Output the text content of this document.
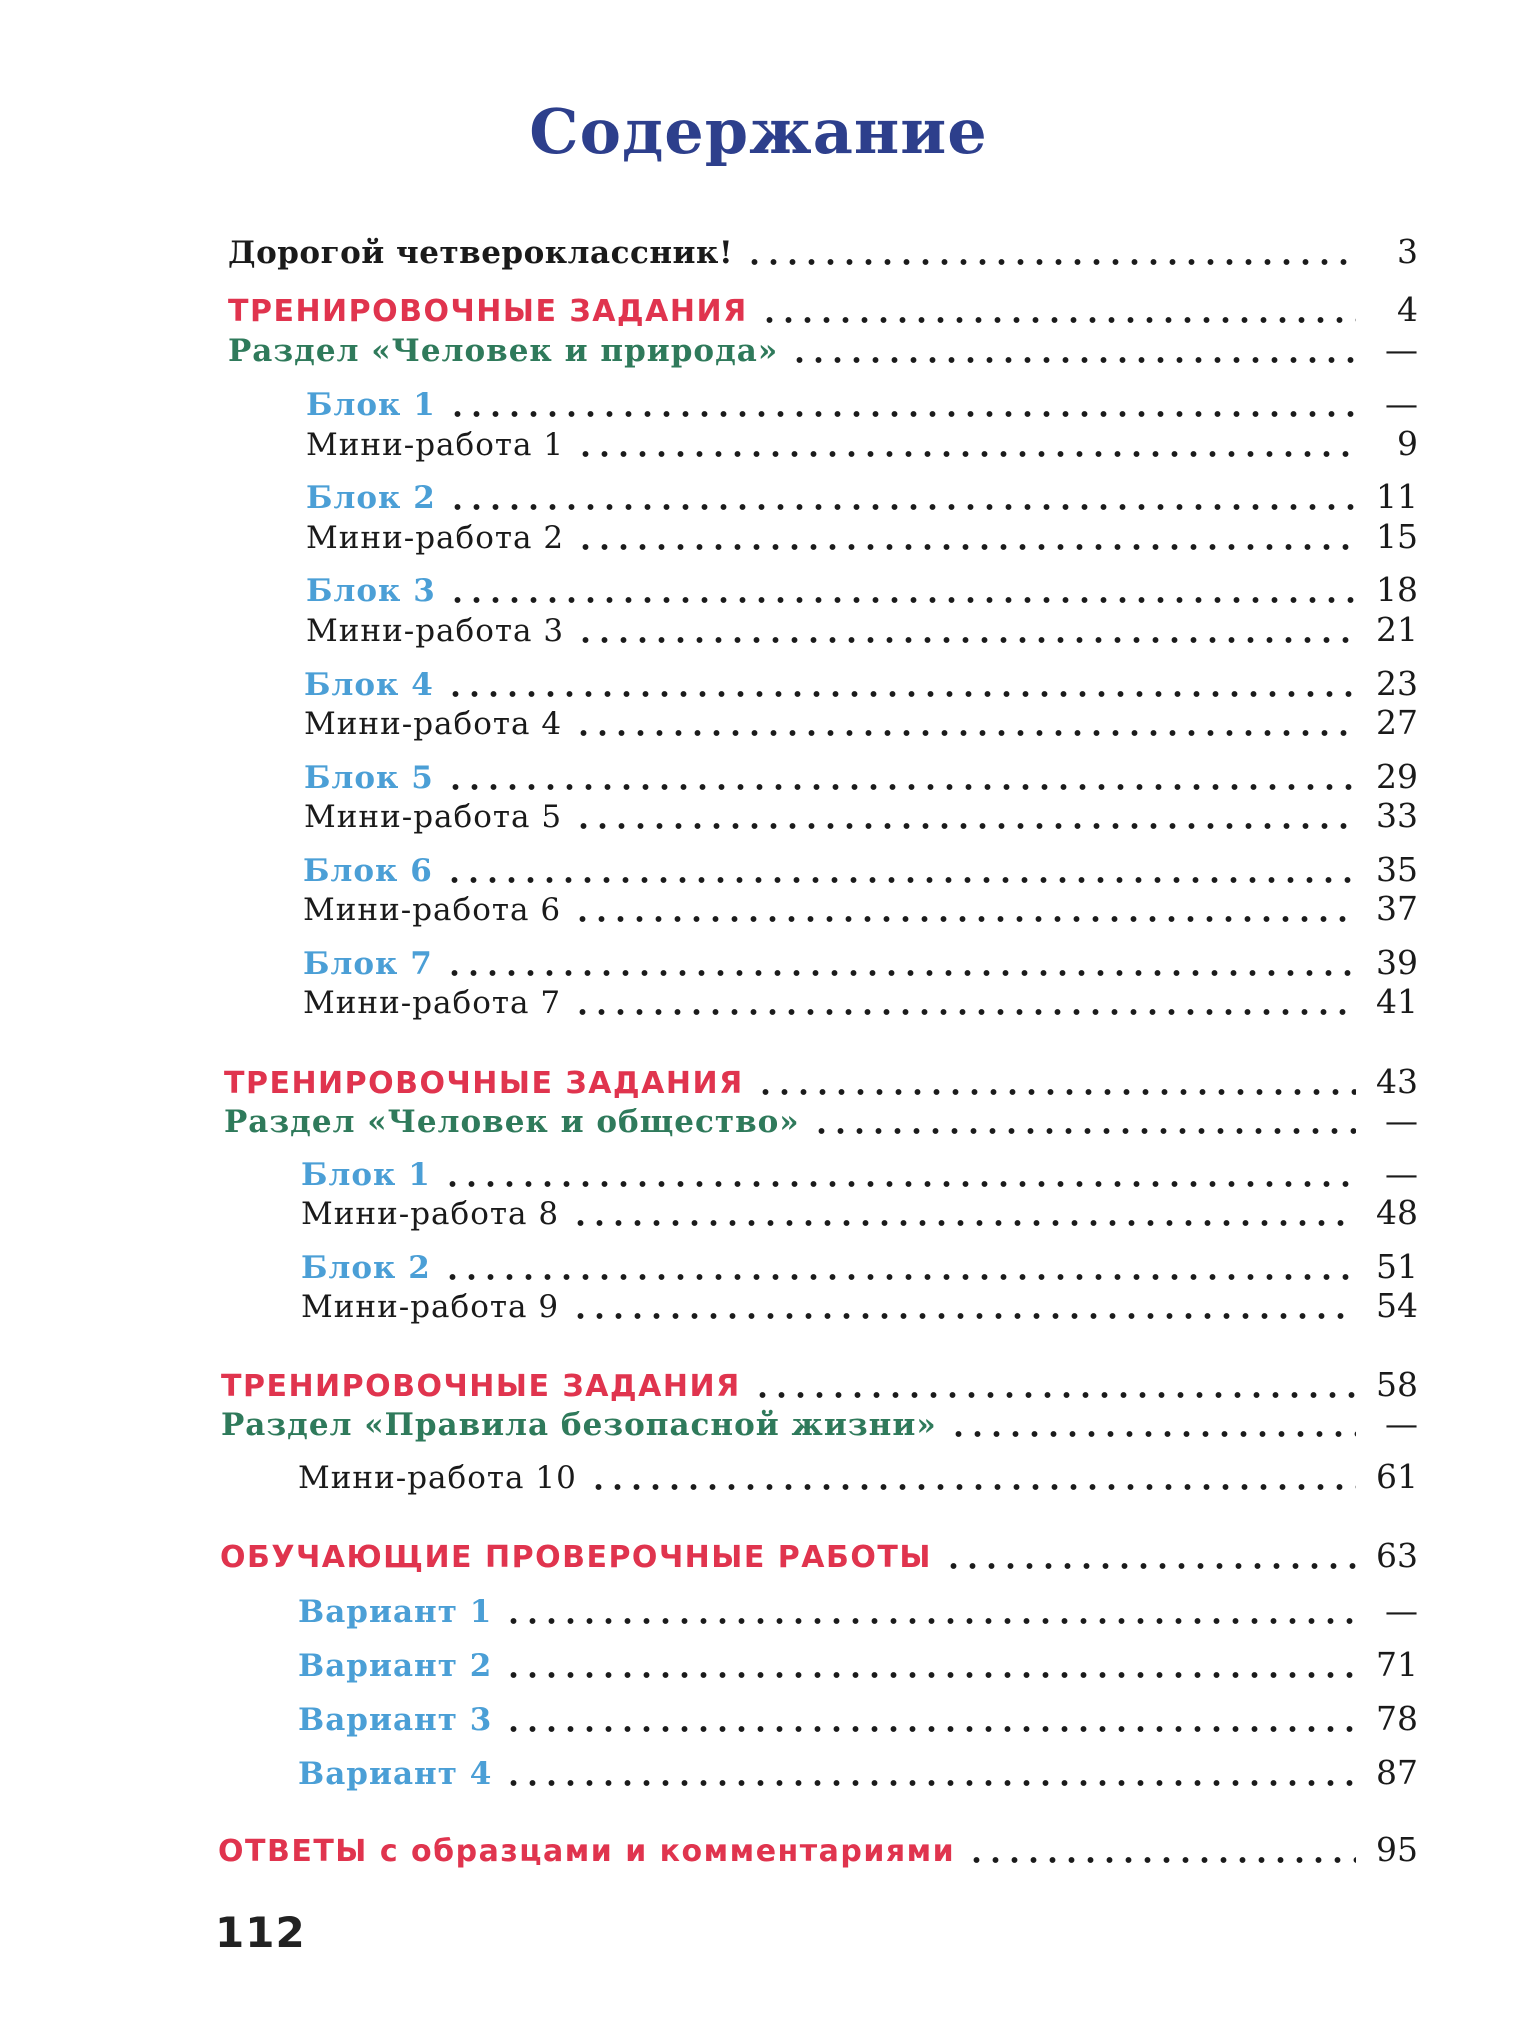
Содержание
Дорогой четвероклассник!	3
ТРЕНИРОВОЧНЫЕ ЗАДАНИЯ	4
Раздел «Человек и природа»	—
Блок 1	—
Мини-работа 1	9
Блок 2	11
Мини-работа 2	15
Блок 3	18
Мини-работа 3	21
Блок 4	23
Мини-работа 4	27
Блок 5	29
Мини-работа 5	33
Блок 6	35
Мини-работа 6	37
Блок 7	39
Мини-работа 7	41
ТРЕНИРОВОЧНЫЕ ЗАДАНИЯ	43
Раздел «Человек и общество»	—
Блок 1	—
Мини-работа 8	48
Блок 2	51
Мини-работа 9	54
ТРЕНИРОВОЧНЫЕ ЗАДАНИЯ	58
Раздел «Правила безопасной жизни»	—
Мини-работа 10	61
ОБУЧАЮЩИЕ ПРОВЕРОЧНЫЕ РАБОТЫ	63
Вариант 1	—
Вариант 2	71
Вариант 3	78
Вариант 4	87
ОТВЕТЫ с образцами и комментариями	95
112
